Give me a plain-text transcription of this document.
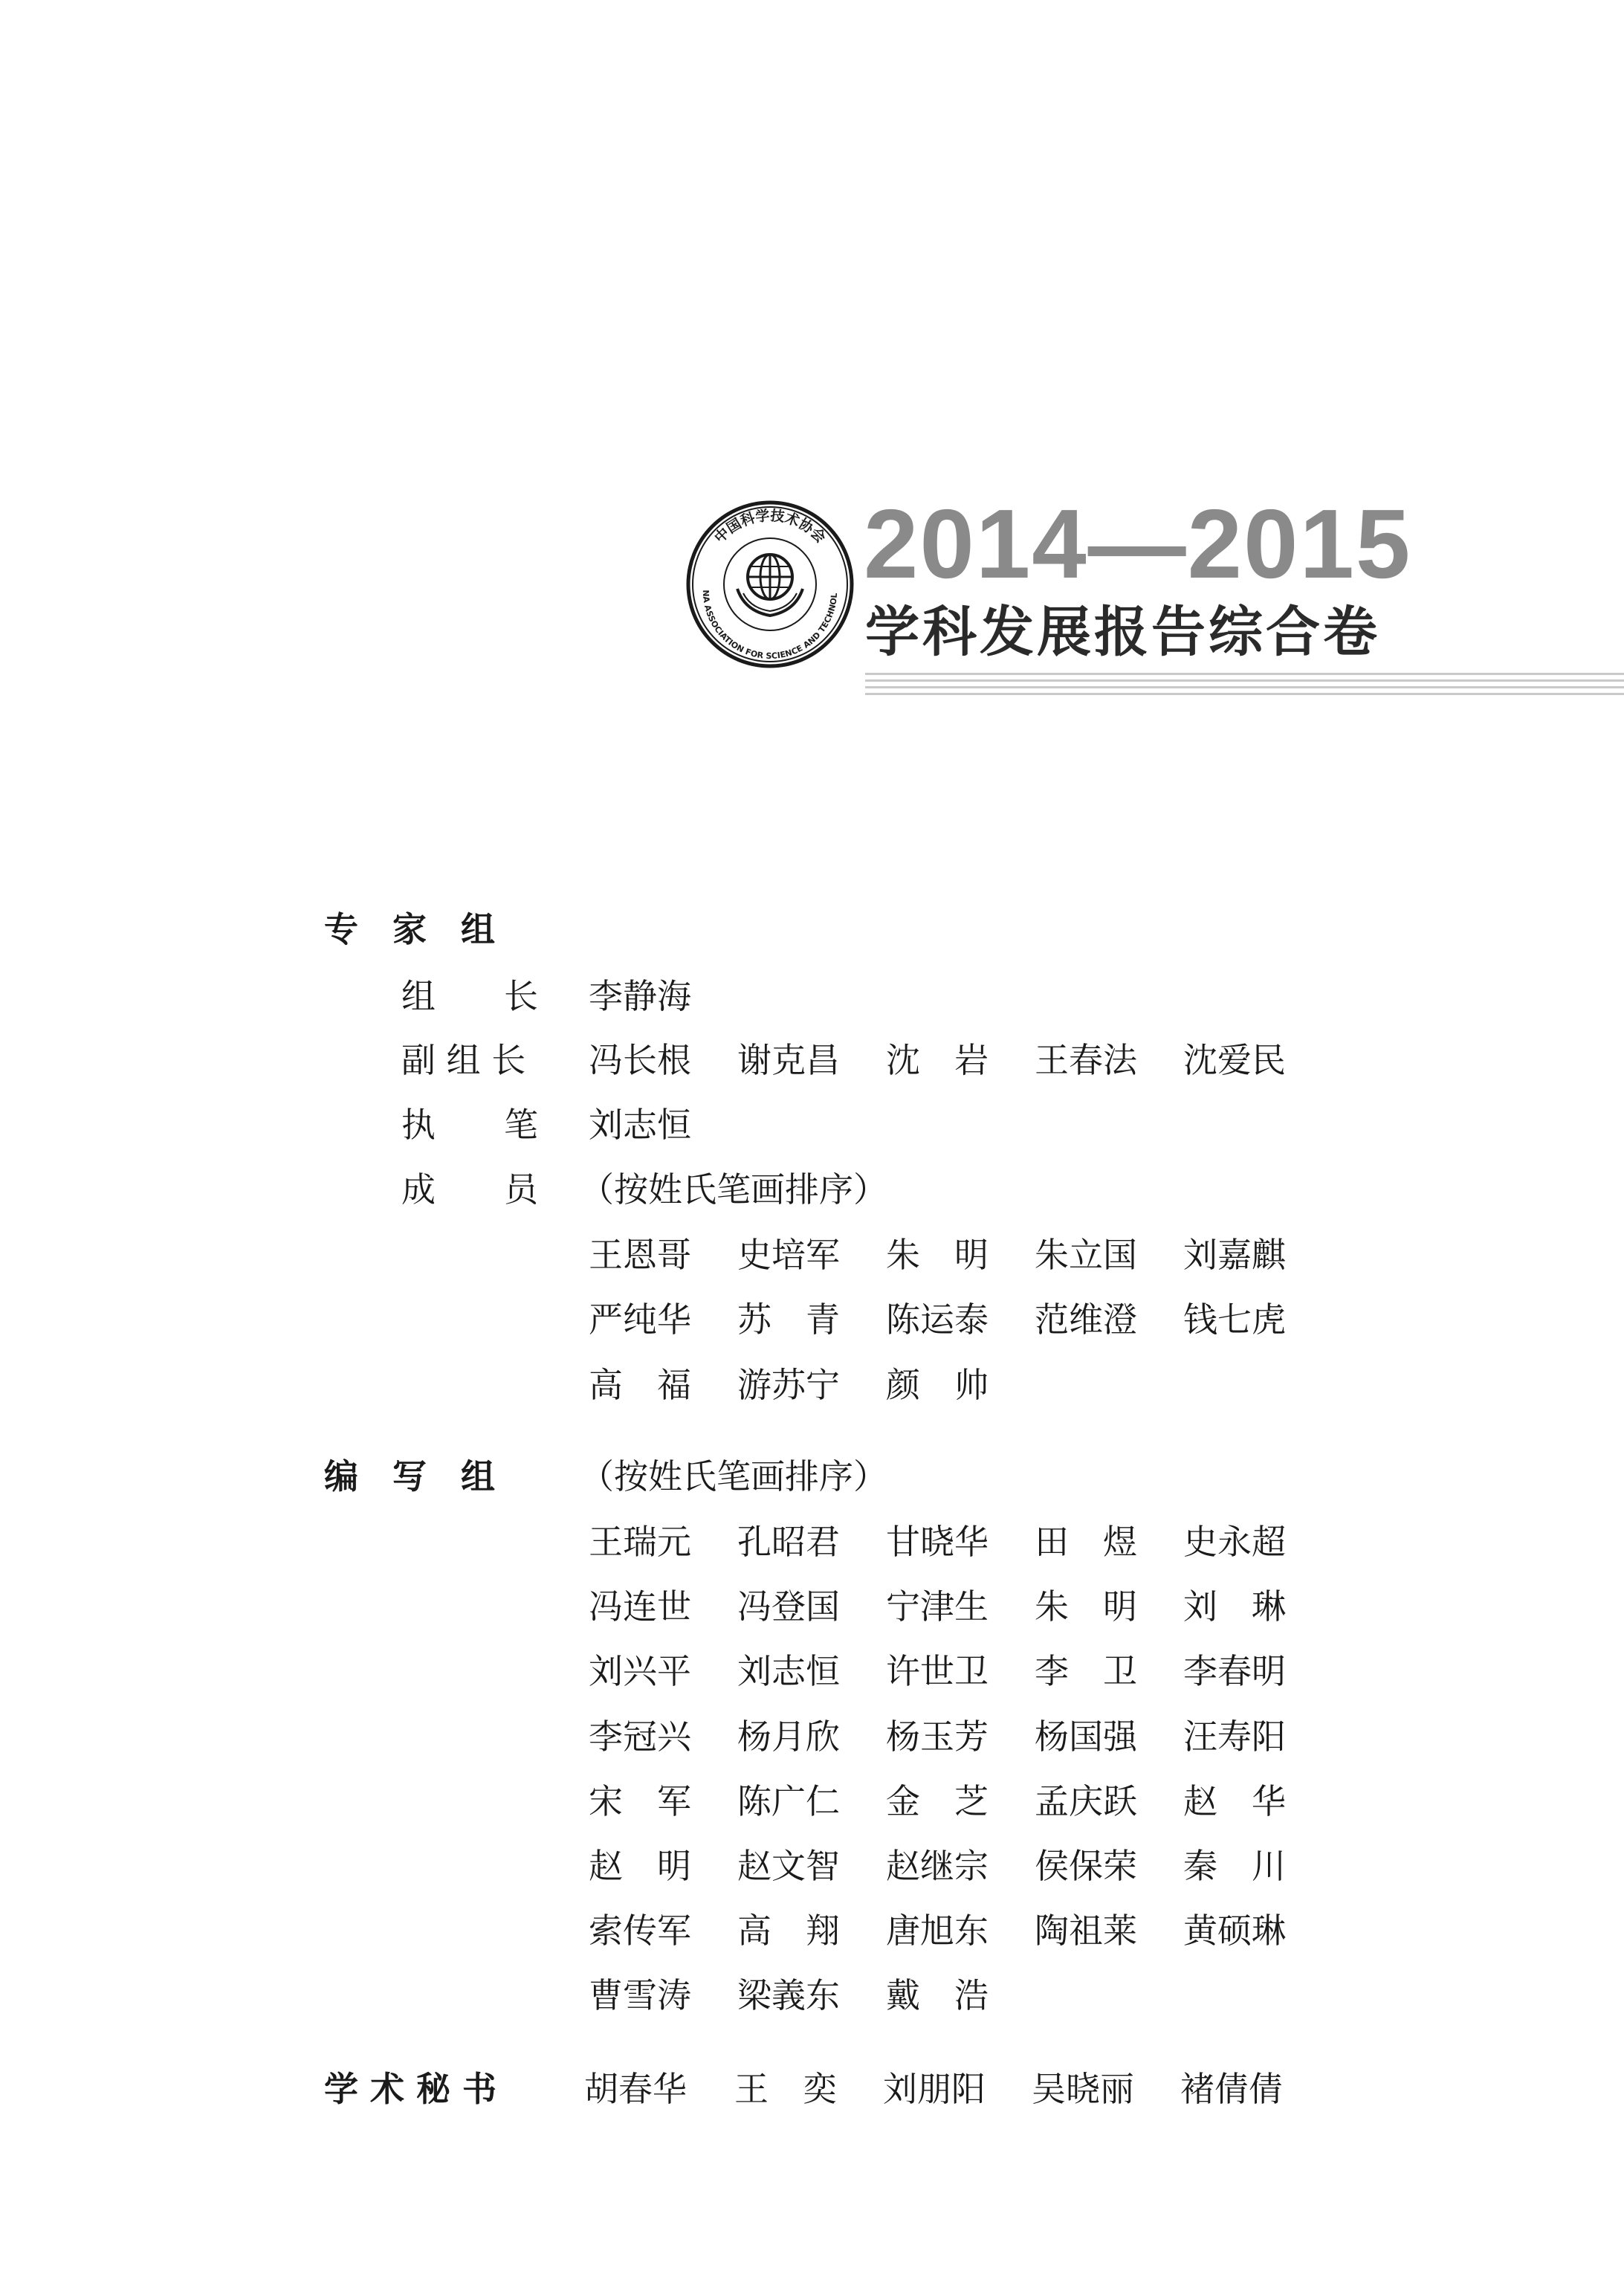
中国科学技术协会
NA ASSOCIATION FOR SCIENCE AND TECHNOL 2014—2015
学科发展报告综合卷
专　家　组
组　　长 李静海
副 组 长 冯长根 谢克昌 沈　岩 王春法 沈爱民
执　　笔 刘志恒
成　　员 （按姓氏笔画排序）
王恩哥 史培军 朱　明 朱立国 刘嘉麒
严纯华 苏　青 陈运泰 范维澄 钱七虎
高　福 游苏宁 颜　帅
编　写　组 （按姓氏笔画排序）
王瑞元 孔昭君 甘晓华 田　煜 史永超
冯连世 冯登国 宁津生 朱　明 刘　琳
刘兴平 刘志恒 许世卫 李　卫 李春明
李冠兴 杨月欣 杨玉芳 杨国强 汪寿阳
宋　军 陈广仁 金　芝 孟庆跃 赵　华
赵　明 赵文智 赵继宗 侯保荣 秦　川
索传军 高　翔 唐旭东 陶祖莱 黄硕琳
曹雪涛 梁義东 戴　浩
学 术 秘 书	胡春华 王　奕 刘朋阳 吴晓丽 褚倩倩
